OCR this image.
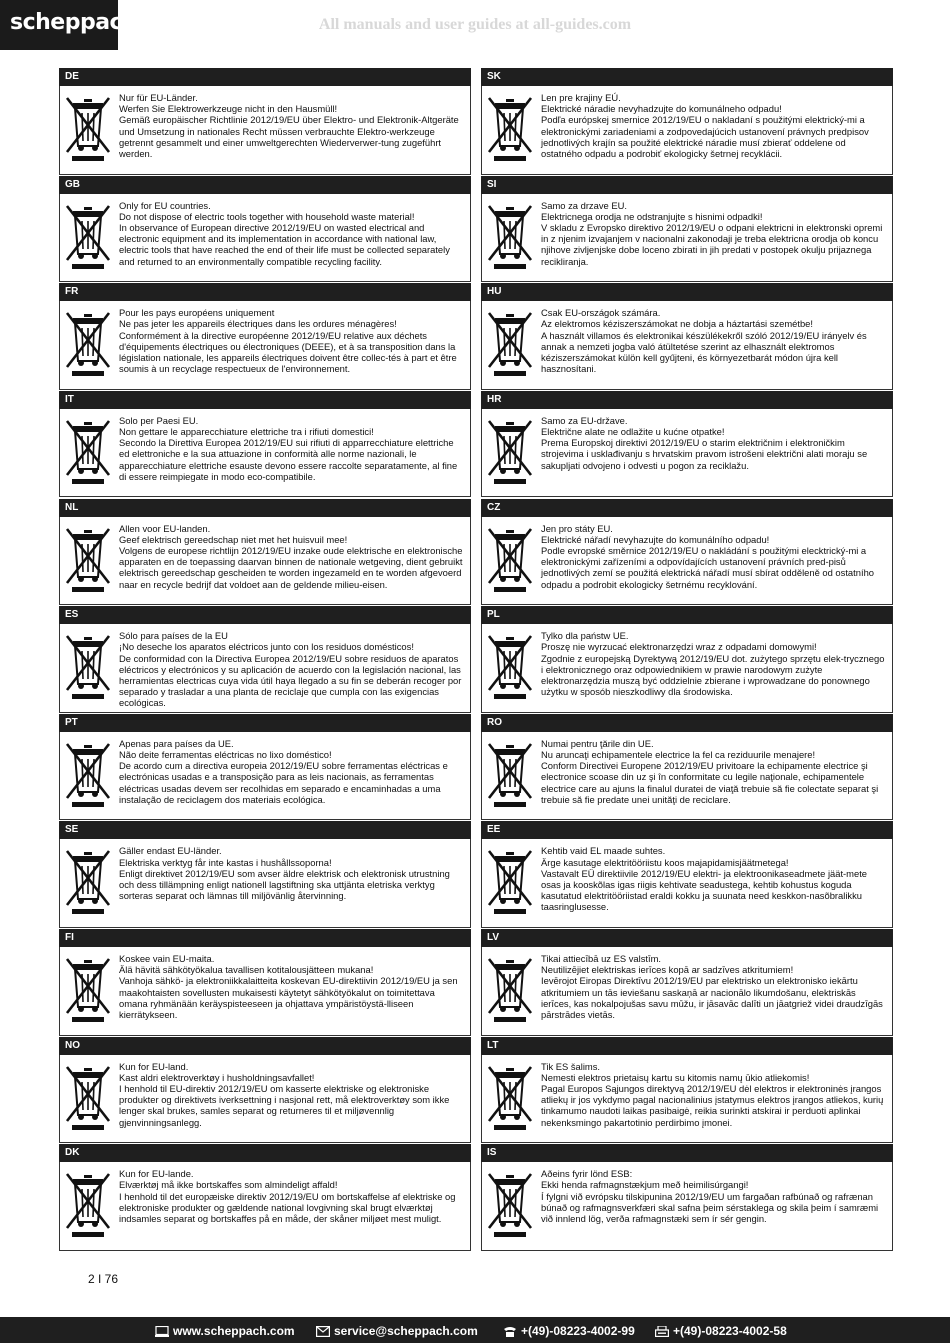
scheppach	All manuals and user guides at all-guides.com
DE
Nur für EU-Länder.
Werfen Sie Elektrowerkzeuge nicht in den Hausmüll!
Gemäß europäischer Richtlinie 2012/19/EU über Elektro- und Elektronik-Altgeräte und Umsetzung in nationales Recht müssen verbrauchte Elektro-werkzeuge getrennt gesammelt und einer umweltgerechten Wiederverwer-tung zugeführt werden.
SK
Len pre krajiny EÚ.
Elektrické náradie nevyhadzujte do komunálneho odpadu!
Podľa európskej smernice 2012/19/EU o nakladaní s použitými elektrický-mi a elektronickými zariadeniami a zodpovedajúcich ustanovení právnych predpisov jednotlivých krajín sa použité elektrické náradie musí zbierať oddelene od ostatného odpadu a podrobiť ekologicky šetrnej recyklácii.
GB
Only for EU countries.
Do not dispose of electric tools together with household waste material!
In observance of European directive 2012/19/EU on wasted electrical and electronic equipment and its implementation in accordance with national law, electric tools that have reached the end of their life must be collected separately and returned to an environmentally compatible recycling facility.
SI
Samo za drzave EU.
Elektricnega orodja ne odstranjujte s hisnimi odpadki!
V skladu z Evropsko direktivo 2012/19/EU o odpani elektricni in elektronski opremi in z njenim izvajanjem v nacionalni zakonodaji je treba elektricna orodja ob koncu njihove zivljenjske dobe loceno zbirati in jih predati v postopek okulju prijaznega recikliranja.
FR
Pour les pays européens uniquement
Ne pas jeter les appareils électriques dans les ordures ménagères!
Conformément à la directive européenne 2012/19/EU relative aux déchets d'équipements électriques ou électroniques (DEEE), et à sa transposition dans la législation nationale, les appareils électriques doivent être collec-tés à part et être soumis à un recyclage respectueux de l'environnement.
HU
Csak EU-országok számára.
Az elektromos kéziszerszámokat ne dobja a háztartási szemétbe!
A használt villamos és elektronikai készülékekről szóló 2012/19/EU irányelv és annak a nemzeti jogba való átültetése szerint az elhasznált elektromos kéziszerszámokat külön kell gyűjteni, és környezetbarát módon újra kell hasznosítani.
IT
Solo per Paesi EU.
Non gettare le apparecchiature elettriche tra i rifiuti domestici!
Secondo la Direttiva Europea 2012/19/EU sui rifiuti di apparrecchiature elettriche ed elettroniche e la sua attuazione in conformità alle norme nazionali, le apparecchiature elettriche esauste devono essere raccolte separatamente, al fine di essere reimpiegate in modo eco-compatibile.
HR
Samo za EU-države.
Električne alate ne odlažite u kućne otpatke!
Prema Europskoj direktivi 2012/19/EU o starim električnim i elektroničkim strojevima i usklađivanju s hrvatskim pravom istrošeni električni alati moraju se sakupljati odvojeno i odvesti u pogon za reciklažu.
NL
Allen voor EU-landen.
Geef elektrisch gereedschap niet met het huisvuil mee!
Volgens de europese richtlijn 2012/19/EU inzake oude elektrische en elektronische apparaten en de toepassing daarvan binnen de nationale wetgeving, dient gebruikt elektrisch gereedschap gescheiden te worden ingezameld en te worden afgevoerd naar en recycle bedrijf dat voldoet aan de geldende milieu-eisen.
CZ
Jen pro státy EU.
Elektrické nářadí nevyhazujte do komunálního odpadu!
Podle evropské směrnice 2012/19/EU o nakládání s použitými elecktrický-mi a elektronickými zařízeními a odpovídajících ustanovení právních pred-pisů jednotlivých zemí se použitá elektrická nářadí musí sbírat odděleně od ostatního odpadu a podrobit ekologicky šetrnému recyklování.
ES
Sólo para países de la EU
¡No deseche los aparatos eléctricos junto con los residuos domésticos!
De conformidad con la Directiva Europea 2012/19/EU sobre residuos de aparatos eléctricos y electrónicos y su aplicación de acuerdo con la legislación nacional, las herramientas electricas cuya vida útil haya llegado a su fin se deberán recoger por separado y trasladar a una planta de reciclaje que cumpla con las exigencias ecológicas.
PL
Tylko dla państw UE.
Proszę nie wyrzucać elektronarzędzi wraz z odpadami domowymi!
Zgodnie z europejską Dyrektywą 2012/19/EU dot. zużytego sprzętu elek-trycznego i elektronicznego oraz odpowiednikiem w prawie narodowym zużyte elektronarzędzia muszą być oddzielnie zbierane i wprowadzane do ponownego użytku w sposób nieszkodliwy dla środowiska.
PT
Apenas para países da UE.
Não deite ferramentas eléctricas no lixo doméstico!
De acordo cum a directiva europeia 2012/19/EU sobre ferramentas eléctricas e electrónicas usadas e a transposição para as leis nacionais, as ferramentas eléctricas usadas devem ser recolhidas em separado e encaminhadas a uma instalação de reciclagem dos materiais ecológica.
RO
Numai pentru ţările din UE.
Nu aruncaţi echipamentele electrice la fel ca reziduurile menajere!
Conform Directivei Europene 2012/19/EU privitoare la echipamente electrice şi electronice scoase din uz şi în conformitate cu legile naţionale, echipamentele electrice care au ajuns la finalul duratei de viaţă trebuie să fie colectate separat şi trebuie să fie predate unei unităţi de reciclare.
SE
Gäller endast EU-länder.
Elektriska verktyg får inte kastas i hushållssoporna!
Enligt direktivet 2012/19/EU som avser äldre elektrisk och elektronisk utrustning och dess tillämpning enligt nationell lagstiftning ska uttjänta eletriska verktyg sorteras separat och lämnas till miljövänlig återvinning.
EE
Kehtib vaid EL maade suhtes.
Ärge kasutage elektritööriistu koos majapidamisjäätmetega!
Vastavalt EÜ direktiivile 2012/19/EU elektri- ja elektroonikaseadmete jäät-mete osas ja kooskõlas igas riigis kehtivate seadustega, kehtib kohustus koguda kasutatud elektritööriistad eraldi kokku ja suunata need keskkon-nasõbralikku taasringlusesse.
FI
Koskee vain EU-maita.
Älä hävitä sähkötyökalua tavallisen kotitalousjätteen mukana!
Vanhoja sähkö- ja elektroniikkalaitteita koskevan EU-direktiivin 2012/19/EU ja sen maakohtaisten sovellusten mukaisesti käytetyt sähkötyökalut on toimitettava omana ryhmänään keräyspisteeseen ja ohjattava ympäristöystä-lliseen kierrätykseen.
LV
Tikai attiecībā uz ES valstīm.
Neutilizējiet elektriskas ierīces kopā ar sadzīves atkritumiem!
Ievērojot Eiropas Direktīvu 2012/19/EU par elektrisko un elektronisko iekārtu atkritumiem un tās ieviešanu saskaņā ar nacionālo likumdošanu, elektriskās ierīces, kas nokalpojušas savu mūžu, ir jāsavāc dalīti un jāatgriež videi draudzīgās pārstrādes vietās.
NO
Kun for EU-land.
Kast aldri elektroverktøy i husholdningsavfallet!
I henhold til EU-direktiv 2012/19/EU om kasserte elektriske og elektroniske produkter og direktivets iverksettning i nasjonal rett, må elektroverktøy som ikke lenger skal brukes, samles separat og returneres til et miljøvennlig gjenvinningsanlegg.
LT
Tik ES šalims.
Nemesti elektros prietaisų kartu su kitomis namų ūkio atliekomis!
Pagal Europos Sąjungos direktyvą 2012/19/EU dėl elektros ir elektroninės įrangos atliekų ir jos vykdymo pagal nacionalinius įstatymus elektros įrangos atliekos, kurių tinkamumo naudoti laikas pasibaigė, reikia surinkti atskirai ir perduoti aplinkai nekenksmingo pakartotinio perdirbimo įmonei.
DK
Kun for EU-lande.
Elværktøj må ikke bortskaffes som almindeligt affald!
I henhold til det europæiske direktiv 2012/19/EU om bortskaffelse af elektriske og elektroniske produkter og gældende national lovgivning skal brugt elværktøj indsamles separat og bortskaffes på en måde, der skåner miljøet mest muligt.
IS
Aðeins fyrir lönd ESB:
Ekki henda rafmagnstækjum með heimilisúrgangi!
Í fylgni við evrópsku tilskipunina 2012/19/EU um fargaðan rafbúnað og rafrænan búnað og rafmagnsverkfæri skal safna þeim sérstaklega og skila þeim í samræmi við innlend lög, verða rafmagnstæki sem ír sér gengin.
2 I 76
www.scheppach.com	service@scheppach.com	+(49)-08223-4002-99	+(49)-08223-4002-58
